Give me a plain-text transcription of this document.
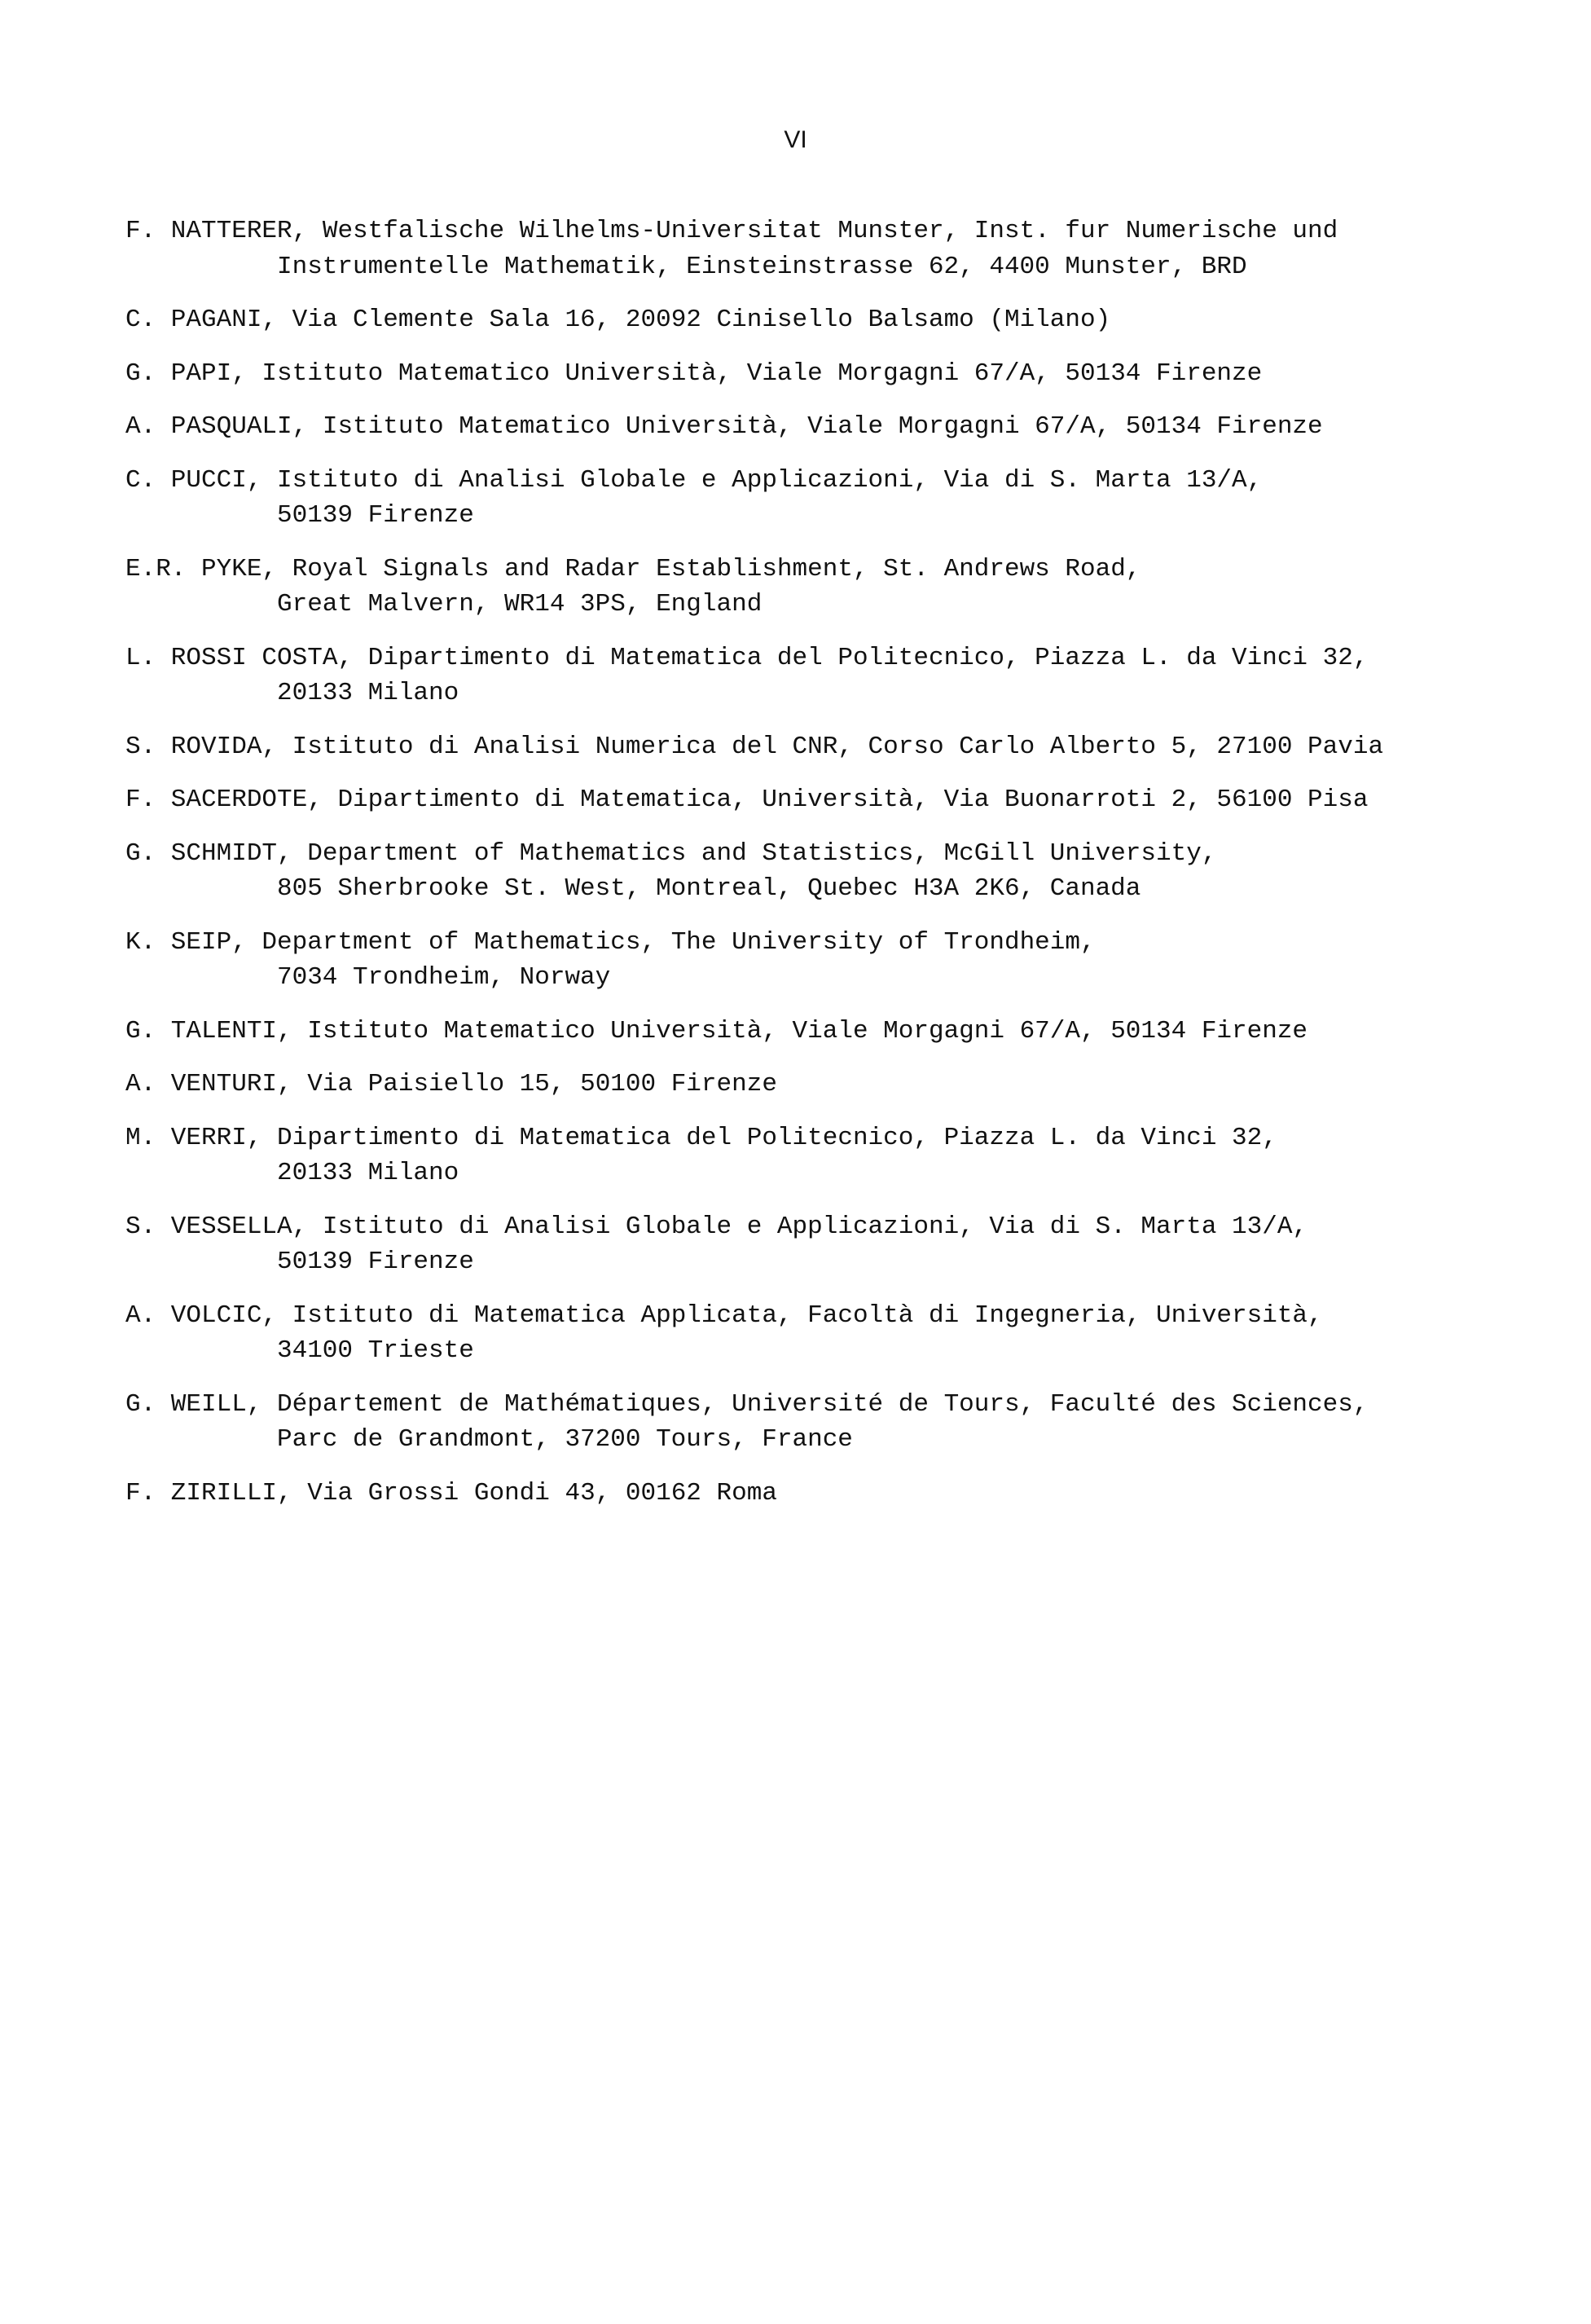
VI
F. NATTERER, Westfalische Wilhelms-Universitat Munster, Inst. fur Numerische und
Instrumentelle Mathematik, Einsteinstrasse 62, 4400 Munster, BRD
C. PAGANI, Via Clemente Sala 16, 20092 Cinisello Balsamo (Milano)
G. PAPI, Istituto Matematico Università, Viale Morgagni 67/A, 50134 Firenze
A. PASQUALI, Istituto Matematico Università, Viale Morgagni 67/A, 50134 Firenze
C. PUCCI, Istituto di Analisi Globale e Applicazioni, Via di S. Marta 13/A,
50139 Firenze
E.R. PYKE, Royal Signals and Radar Establishment, St. Andrews Road,
Great Malvern, WR14 3PS, England
L. ROSSI COSTA, Dipartimento di Matematica del Politecnico, Piazza L. da Vinci 32,
20133 Milano
S. ROVIDA, Istituto di Analisi Numerica del CNR, Corso Carlo Alberto 5, 27100 Pavia
F. SACERDOTE, Dipartimento di Matematica, Università, Via Buonarroti 2, 56100 Pisa
G. SCHMIDT, Department of Mathematics and Statistics, McGill University,
805 Sherbrooke St. West, Montreal, Quebec H3A 2K6, Canada
K. SEIP, Department of Mathematics, The University of Trondheim,
7034 Trondheim, Norway
G. TALENTI, Istituto Matematico Università, Viale Morgagni 67/A, 50134 Firenze
A. VENTURI, Via Paisiello 15, 50100 Firenze
M. VERRI, Dipartimento di Matematica del Politecnico, Piazza L. da Vinci 32,
20133 Milano
S. VESSELLA, Istituto di Analisi Globale e Applicazioni, Via di S. Marta 13/A,
50139 Firenze
A. VOLCIC, Istituto di Matematica Applicata, Facoltà di Ingegneria, Università,
34100 Trieste
G. WEILL, Département de Mathématiques, Université de Tours, Faculté des Sciences,
Parc de Grandmont, 37200 Tours, France
F. ZIRILLI, Via Grossi Gondi 43, 00162 Roma
